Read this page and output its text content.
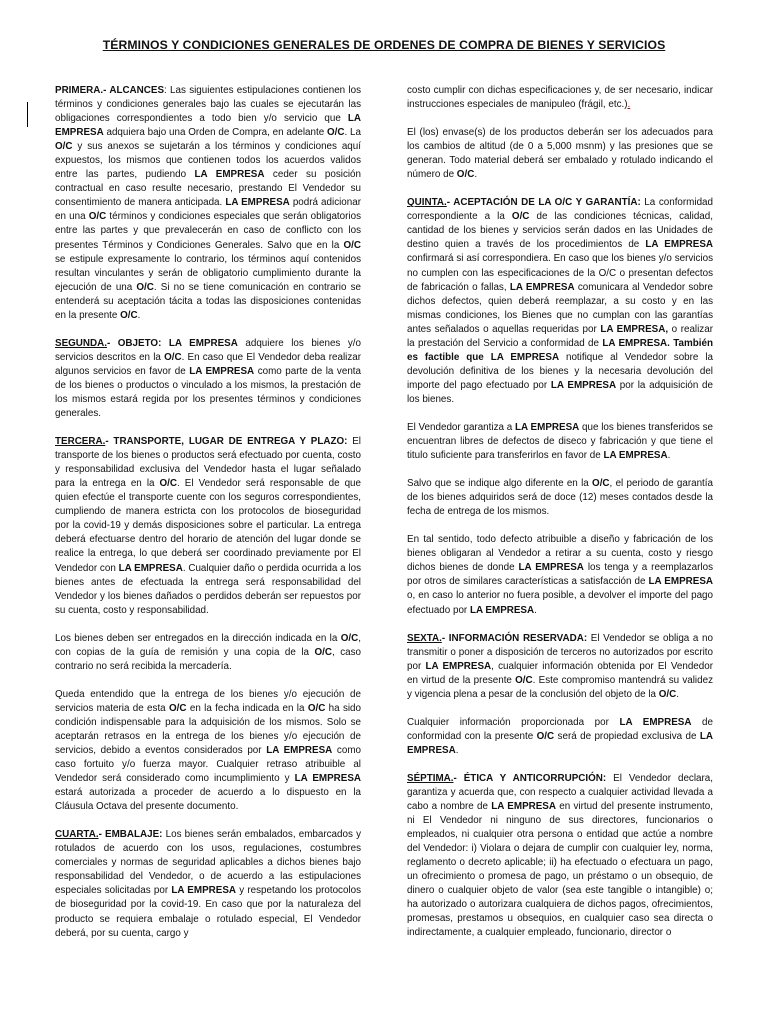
TÉRMINOS Y CONDICIONES GENERALES DE ORDENES DE COMPRA DE BIENES Y SERVICIOS

PRIMERA.- ALCANCES: Las siguientes estipulaciones contienen los términos y condiciones generales bajo las cuales se ejecutarán las obligaciones correspondientes a todo bien y/o servicio que LA EMPRESA adquiera bajo una Orden de Compra, en adelante O/C. La O/C y sus anexos se sujetarán a los términos y condiciones aquí expuestos, los mismos que contienen todos los acuerdos validos entre las partes, pudiendo LA EMPRESA ceder su posición contractual en caso resulte necesario, prestando El Vendedor su consentimiento de manera anticipada. LA EMPRESA podrá adicionar en una O/C términos y condiciones especiales que serán obligatorios entre las partes y que prevalecerán en caso de conflicto con los presentes Términos y Condiciones Generales. Salvo que en la O/C se estipule expresamente lo contrario, los términos aquí contenidos resultan vinculantes y serán de obligatorio cumplimiento durante la ejecución de una O/C. Si no se tiene comunicación en contrario se entenderá su aceptación tácita a todas las disposiciones contenidas en la presente O/C.

SEGUNDA.- OBJETO: LA EMPRESA adquiere los bienes y/o servicios descritos en la O/C. En caso que El Vendedor deba realizar algunos servicios en favor de LA EMPRESA como parte de la venta de los bienes o productos o vinculado a los mismos, la prestación de los mismos estará regida por los presentes términos y condiciones generales.

TERCERA.- TRANSPORTE, LUGAR DE ENTREGA Y PLAZO: El transporte de los bienes o productos será efectuado por cuenta, costo y responsabilidad exclusiva del Vendedor hasta el lugar señalado para la entrega en la O/C. El Vendedor será responsable de que quien efectúe el transporte cuente con los seguros correspondientes, cumpliendo de manera estricta con los protocolos de bioseguridad por la covid-19 y demás disposiciones sobre el particular. La entrega deberá efectuarse dentro del horario de atención del lugar donde se realice la entrega, lo que deberá ser coordinado previamente por El Vendedor con LA EMPRESA. Cualquier daño o perdida ocurrida a los bienes antes de efectuada la entrega será responsabilidad del Vendedor y los bienes dañados o perdidos deberán ser repuestos por su cuenta, costo y responsabilidad.

Los bienes deben ser entregados en la dirección indicada en la O/C, con copias de la guía de remisión y una copia de la O/C, caso contrario no será recibida la mercadería.

Queda entendido que la entrega de los bienes y/o ejecución de servicios materia de esta O/C en la fecha indicada en la O/C ha sido condición indispensable para la adquisición de los mismos. Solo se aceptarán retrasos en la entrega de los bienes y/o ejecución de servicios, debido a eventos considerados por LA EMPRESA como caso fortuito y/o fuerza mayor. Cualquier retraso atribuible al Vendedor será considerado como incumplimiento y LA EMPRESA estará autorizada a proceder de acuerdo a lo dispuesto en la Cláusula Octava del presente documento.

CUARTA.- EMBALAJE: Los bienes serán embalados, embarcados y rotulados de acuerdo con los usos, regulaciones, costumbres comerciales y normas de seguridad aplicables a dichos bienes bajo responsabilidad del Vendedor, o de acuerdo a las estipulaciones especiales solicitadas por LA EMPRESA y respetando los protocolos de bioseguridad por la covid-19. En caso que por la naturaleza del producto se requiera embalaje o rotulado especial, El Vendedor deberá, por su cuenta, cargo y

costo cumplir con dichas especificaciones y, de ser necesario, indicar instrucciones especiales de manipuleo (frágil, etc.).

El (los) envase(s) de los productos deberán ser los adecuados para los cambios de altitud (de 0 a 5,000 msnm) y las presiones que se generan. Todo material deberá ser embalado y rotulado indicando el número de O/C.

QUINTA.- ACEPTACIÓN DE LA O/C Y GARANTÍA: La conformidad correspondiente a la O/C de las condiciones técnicas, calidad, cantidad de los bienes y servicios serán dados en las Unidades de destino quien a través de los procedimientos de LA EMPRESA confirmará si así correspondiera. En caso que los bienes y/o servicios no cumplen con las especificaciones de la O/C o presentan defectos de fabricación o fallas, LA EMPRESA comunicara al Vendedor sobre dichos defectos, quien deberá reemplazar, a su costo y en las mismas condiciones, los Bienes que no cumplan con las garantías antes señalados o aquellas requeridas por LA EMPRESA, o realizar la prestación del Servicio a conformidad de LA EMPRESA. También es factible que LA EMPRESA notifique al Vendedor sobre la devolución definitiva de los bienes y la necesaria devolución del importe del pago efectuado por LA EMPRESA por la adquisición de los bienes.

El Vendedor garantiza a LA EMPRESA que los bienes transferidos se encuentran libres de defectos de diseco y fabricación y que tiene el titulo suficiente para transferirlos en favor de LA EMPRESA.

Salvo que se indique algo diferente en la O/C, el periodo de garantía de los bienes adquiridos será de doce (12) meses contados desde la fecha de entrega de los mismos.

En tal sentido, todo defecto atribuible a diseño y fabricación de los bienes obligaran al Vendedor a retirar a su cuenta, costo y riesgo dichos bienes de donde LA EMPRESA los tenga y a reemplazarlos por otros de similares características a satisfacción de LA EMPRESA o, en caso lo anterior no fuera posible, a devolver el importe del pago efectuado por LA EMPRESA.

SEXTA.- INFORMACIÓN RESERVADA: El Vendedor se obliga a no transmitir o poner a disposición de terceros no autorizados por escrito por LA EMPRESA, cualquier información obtenida por El Vendedor en virtud de la presente O/C. Este compromiso mantendrá su validez y vigencia plena a pesar de la conclusión del objeto de la O/C.

Cualquier información proporcionada por LA EMPRESA de conformidad con la presente O/C será de propiedad exclusiva de LA EMPRESA.

SÉPTIMA.- ÉTICA Y ANTICORRUPCIÓN: El Vendedor declara, garantiza y acuerda que, con respecto a cualquier actividad llevada a cabo a nombre de LA EMPRESA en virtud del presente instrumento, ni El Vendedor ni ninguno de sus directores, funcionarios o empleados, ni cualquier otra persona o entidad que actúe a nombre del Vendedor: i) Violara o dejara de cumplir con cualquier ley, norma, reglamento o decreto aplicable; ii) ha efectuado o efectuara un pago, un ofrecimiento o promesa de pago, un préstamo o un obsequio, de dinero o cualquier objeto de valor (sea este tangible o intangible) o; ha autorizado o autorizara cualquiera de dichos pagos, ofrecimientos, promesas, prestamos u obsequios, en cualquier caso sea directa o indirectamente, a cualquier empleado, funcionario, director o
